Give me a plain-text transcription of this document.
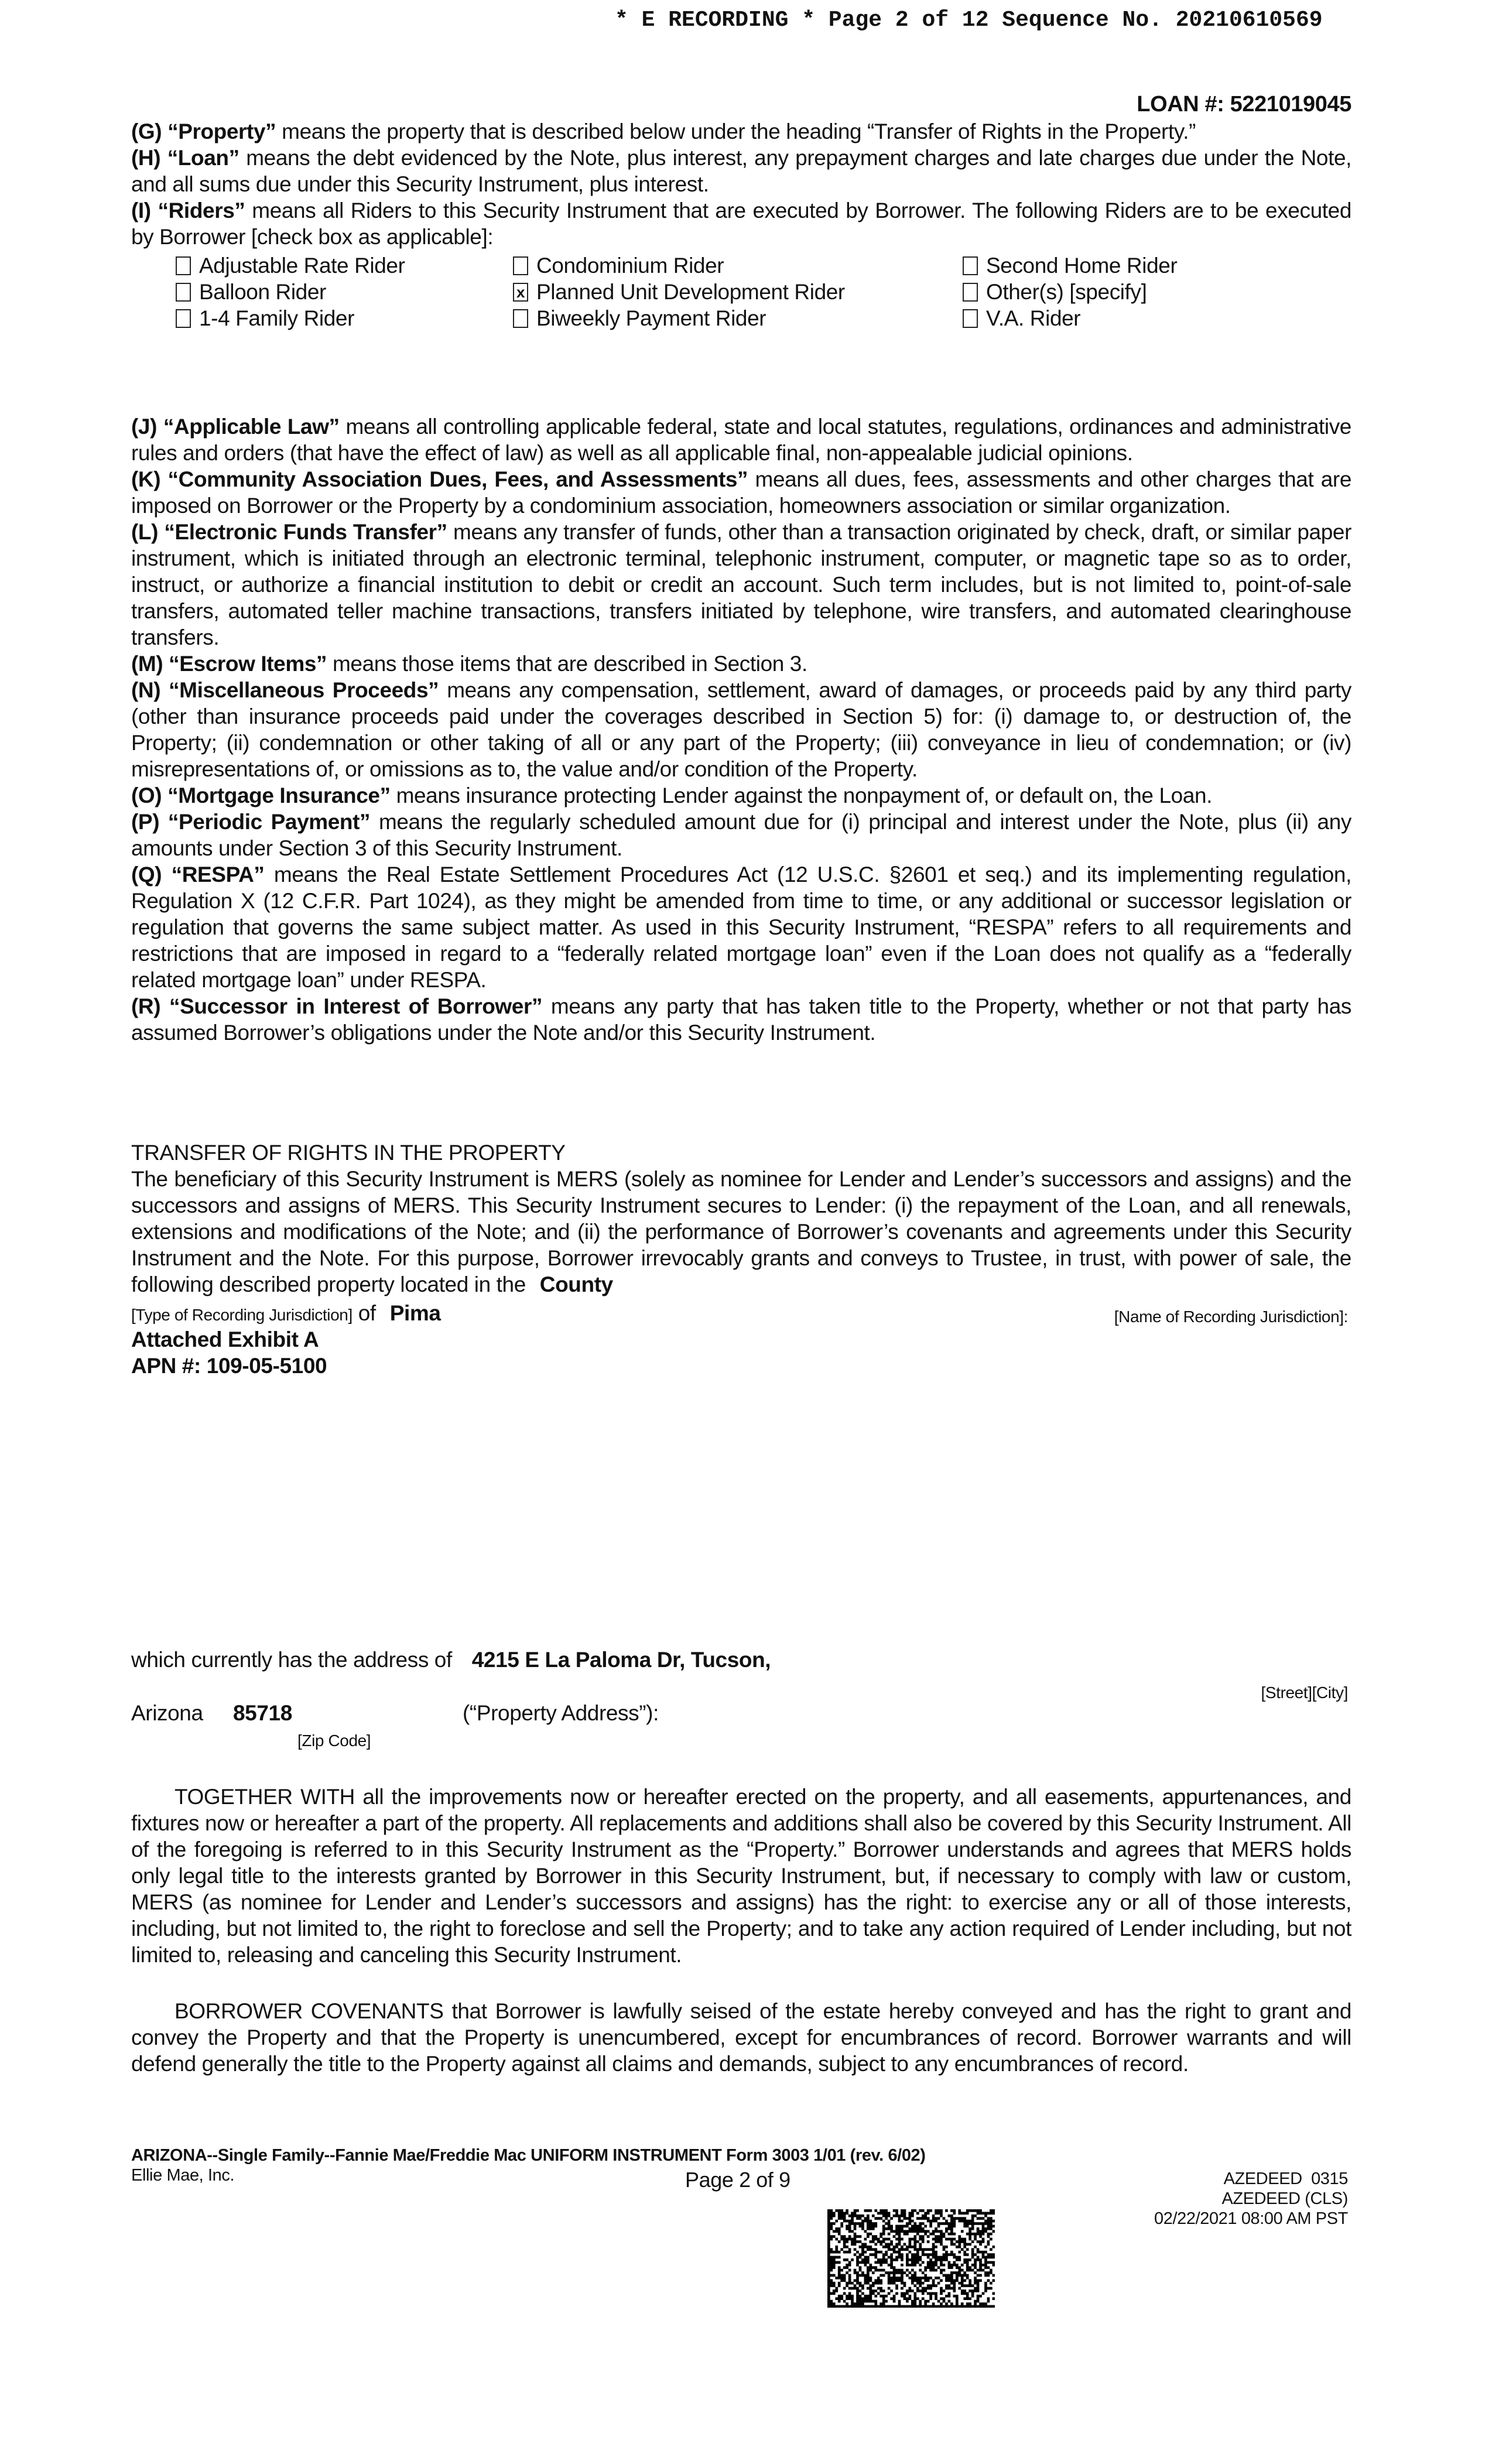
* E RECORDING * Page 2 of 12 Sequence No. 20210610569
LOAN #: 5221019045

(G) “Property” means the property that is described below under the heading “Transfer of Rights in the Property.”

(H) “Loan” means the debt evidenced by the Note, plus interest, any prepayment charges and late charges due under the Note, and all sums due under this Security Instrument, plus interest.

(I) “Riders” means all Riders to this Security Instrument that are executed by Borrower. The following Riders are to be executed by Borrower [check box as applicable]:

Adjustable Rate Rider	Condominium Rider	Second Home Rider
Balloon Rider	x Planned Unit Development Rider	Other(s) [specify]
1-4 Family Rider	Biweekly Payment Rider	V.A. Rider

(J) “Applicable Law” means all controlling applicable federal, state and local statutes, regulations, ordinances and administrative rules and orders (that have the effect of law) as well as all applicable final, non-appealable judicial opinions.

(K) “Community Association Dues, Fees, and Assessments” means all dues, fees, assessments and other charges that are imposed on Borrower or the Property by a condominium association, homeowners association or similar organization.

(L) “Electronic Funds Transfer” means any transfer of funds, other than a transaction originated by check, draft, or similar paper instrument, which is initiated through an electronic terminal, telephonic instrument, computer, or magnetic tape so as to order, instruct, or authorize a financial institution to debit or credit an account. Such term includes, but is not limited to, point-of-sale transfers, automated teller machine transactions, transfers initiated by telephone, wire transfers, and automated clearinghouse transfers.

(M) “Escrow Items” means those items that are described in Section 3.

(N) “Miscellaneous Proceeds” means any compensation, settlement, award of damages, or proceeds paid by any third party (other than insurance proceeds paid under the coverages described in Section 5) for: (i) damage to, or destruction of, the Property; (ii) condemnation or other taking of all or any part of the Property; (iii) conveyance in lieu of condemnation; or (iv) misrepresentations of, or omissions as to, the value and/or condition of the Property.

(O) “Mortgage Insurance” means insurance protecting Lender against the nonpayment of, or default on, the Loan.

(P) “Periodic Payment” means the regularly scheduled amount due for (i) principal and interest under the Note, plus (ii) any amounts under Section 3 of this Security Instrument.

(Q) “RESPA” means the Real Estate Settlement Procedures Act (12 U.S.C. §2601 et seq.) and its implementing regulation, Regulation X (12 C.F.R. Part 1024), as they might be amended from time to time, or any additional or successor legislation or regulation that governs the same subject matter. As used in this Security Instrument, “RESPA” refers to all requirements and restrictions that are imposed in regard to a “federally related mortgage loan” even if the Loan does not qualify as a “federally related mortgage loan” under RESPA.

(R) “Successor in Interest of Borrower” means any party that has taken title to the Property, whether or not that party has assumed Borrower’s obligations under the Note and/or this Security Instrument.

TRANSFER OF RIGHTS IN THE PROPERTY
The beneficiary of this Security Instrument is MERS (solely as nominee for Lender and Lender’s successors and assigns) and the successors and assigns of MERS. This Security Instrument secures to Lender: (i) the repayment of the Loan, and all renewals, extensions and modifications of the Note; and (ii) the performance of Borrower’s covenants and agreements under this Security Instrument and the Note. For this purpose, Borrower irrevocably grants and conveys to Trustee, in trust, with power of sale, the following described property located in the County
[Type of Recording Jurisdiction] of Pima	[Name of Recording Jurisdiction]:
Attached Exhibit A
APN #: 109-05-5100
which currently has the address of 4215 E La Paloma Dr, Tucson,
[Street][City]
Arizona 85718
[Zip Code]
(“Property Address”):
TOGETHER WITH all the improvements now or hereafter erected on the property, and all easements, appurtenances, and fixtures now or hereafter a part of the property. All replacements and additions shall also be covered by this Security Instrument. All of the foregoing is referred to in this Security Instrument as the “Property.” Borrower understands and agrees that MERS holds only legal title to the interests granted by Borrower in this Security Instrument, but, if necessary to comply with law or custom, MERS (as nominee for Lender and Lender’s successors and assigns) has the right: to exercise any or all of those interests, including, but not limited to, the right to foreclose and sell the Property; and to take any action required of Lender including, but not limited to, releasing and canceling this Security Instrument.
BORROWER COVENANTS that Borrower is lawfully seised of the estate hereby conveyed and has the right to grant and convey the Property and that the Property is unencumbered, except for encumbrances of record. Borrower warrants and will defend generally the title to the Property against all claims and demands, subject to any encumbrances of record.
ARIZONA--Single Family--Fannie Mae/Freddie Mac UNIFORM INSTRUMENT Form 3003 1/01 (rev. 6/02)
Ellie Mae, Inc.	Page 2 of 9	AZEDEED  0315
AZEDEED (CLS)
02/22/2021 08:00 AM PST
